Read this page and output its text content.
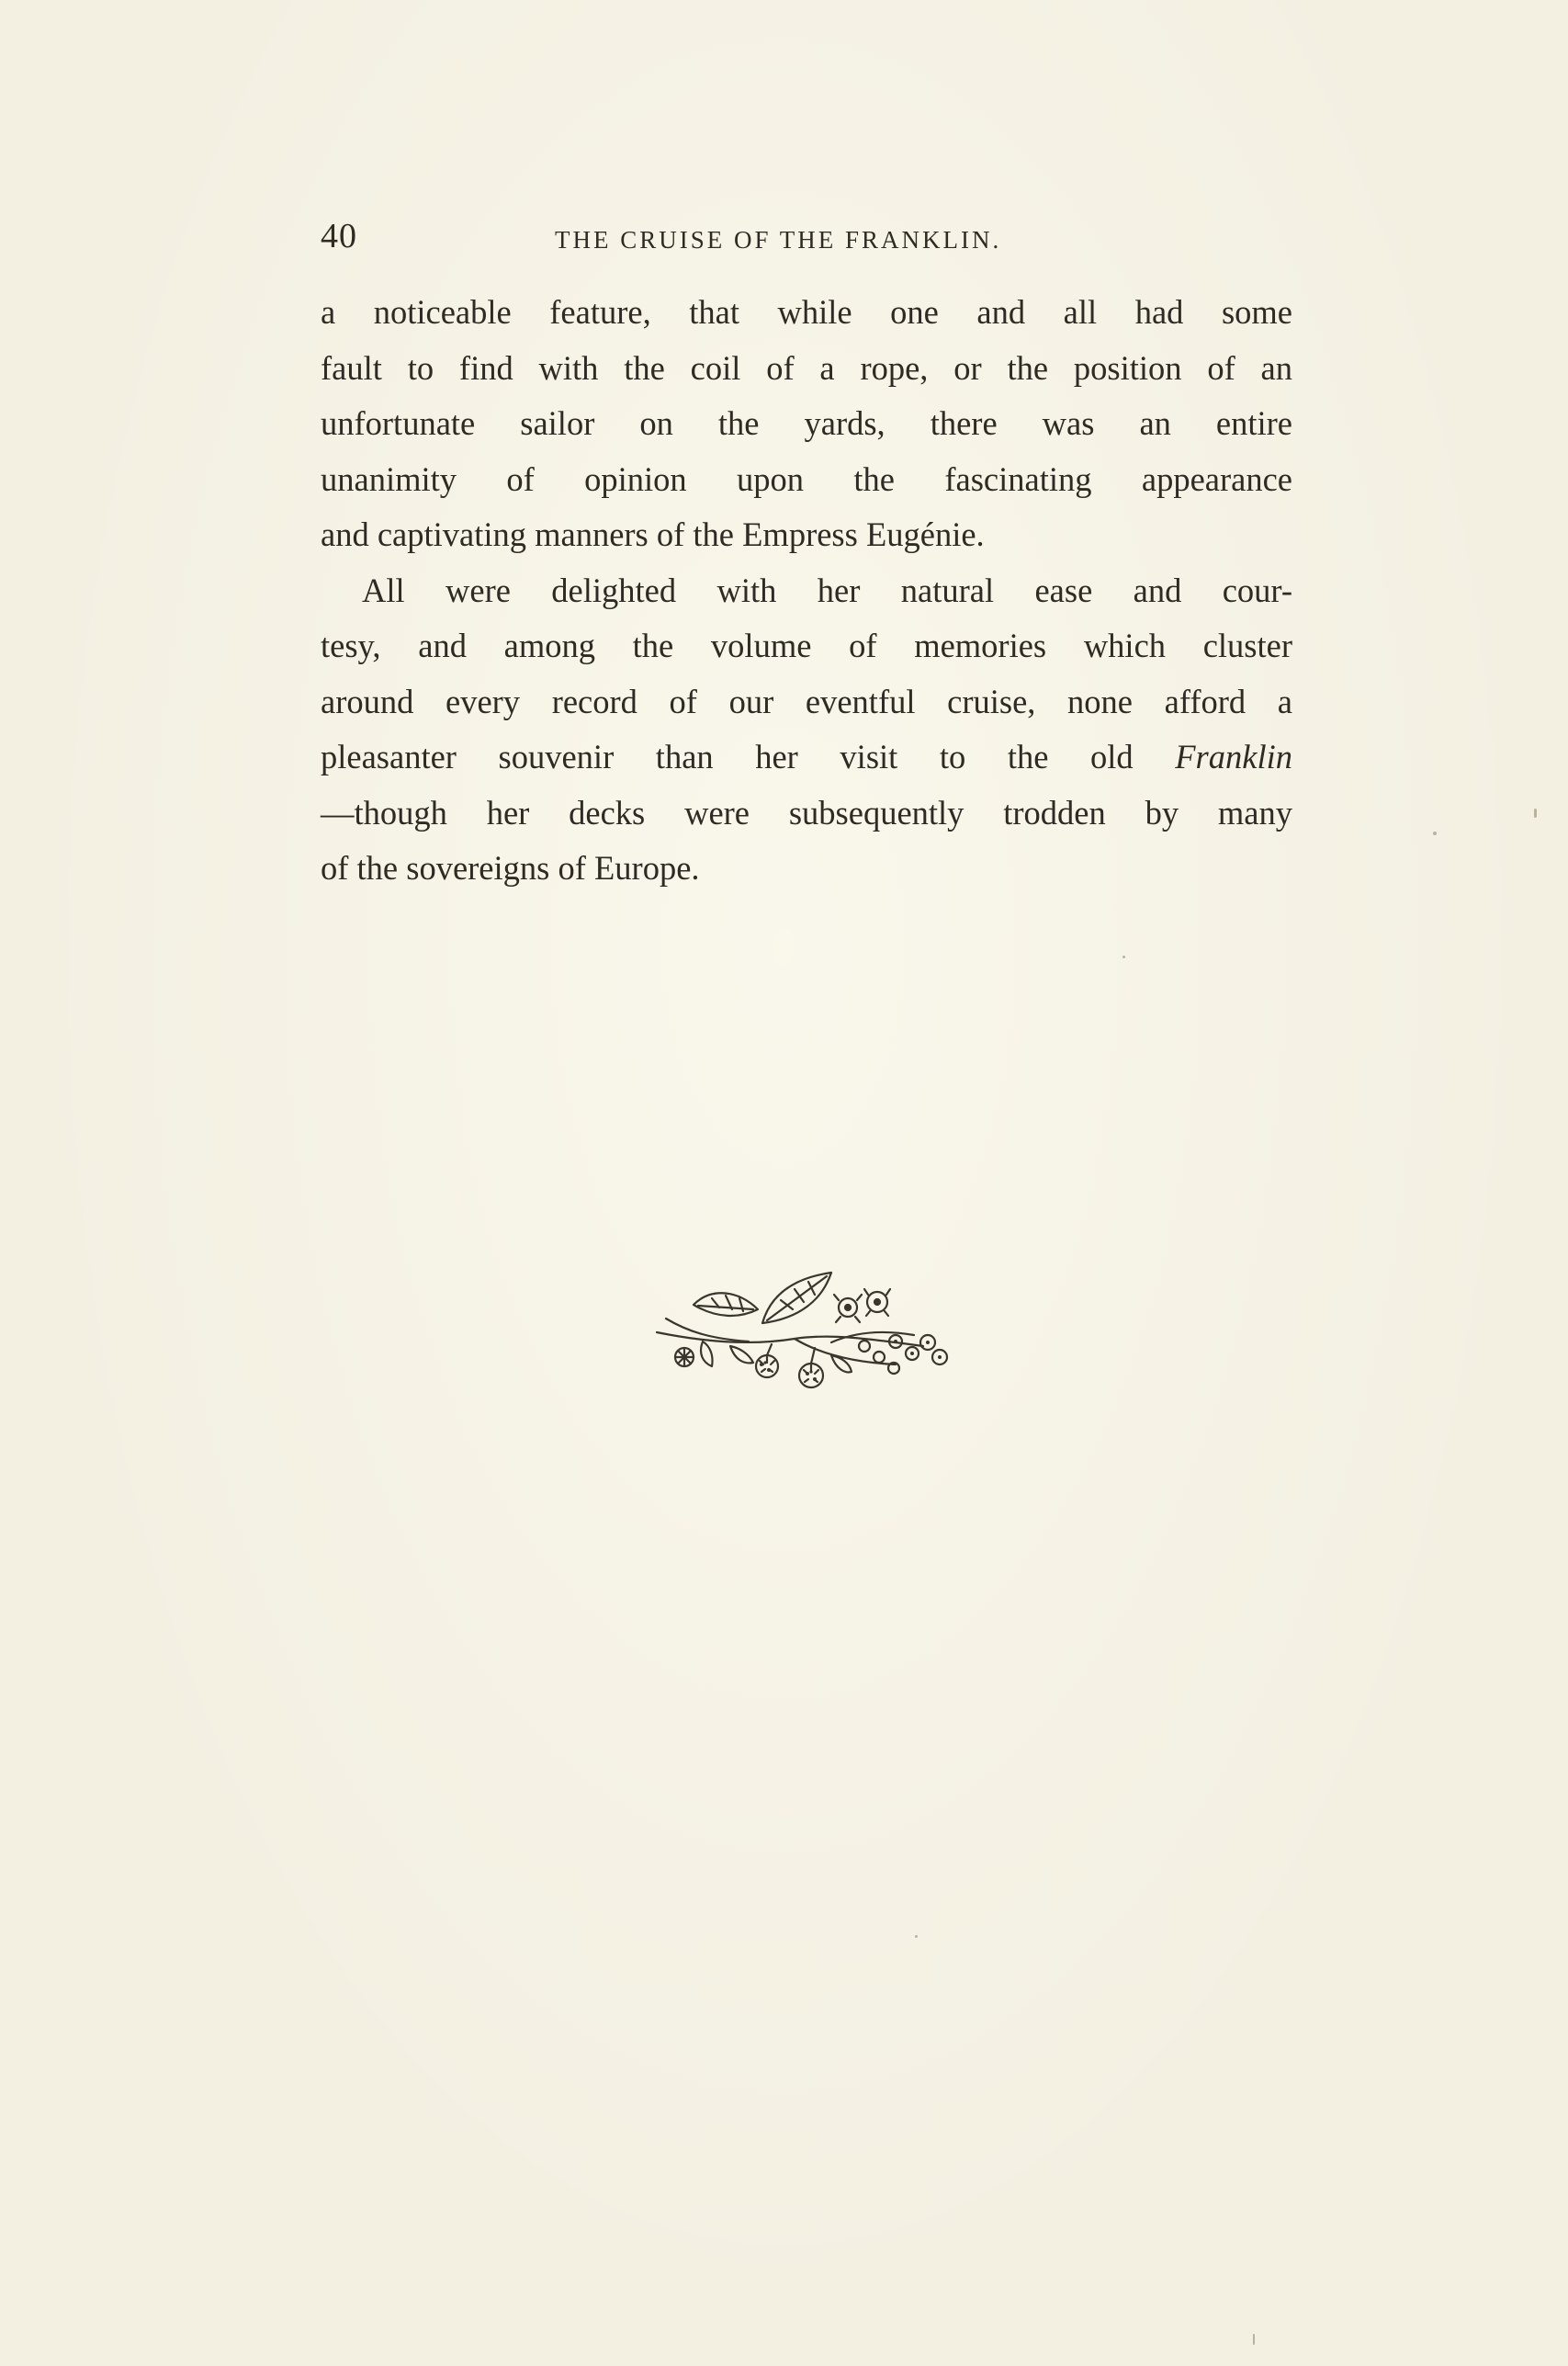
40	THE CRUISE OF THE FRANKLIN.

a noticeable feature, that while one and all had some
fault to find with the coil of a rope, or the position of an
unfortunate sailor on the yards, there was an entire
unanimity of opinion upon the fascinating appearance
and captivating manners of the Empress Eugénie.

All were delighted with her natural ease and cour-
tesy, and among the volume of memories which cluster
around every record of our eventful cruise, none afford a
pleasanter souvenir than her visit to the old Franklin
—though her decks were subsequently trodden by many
of the sovereigns of Europe.
